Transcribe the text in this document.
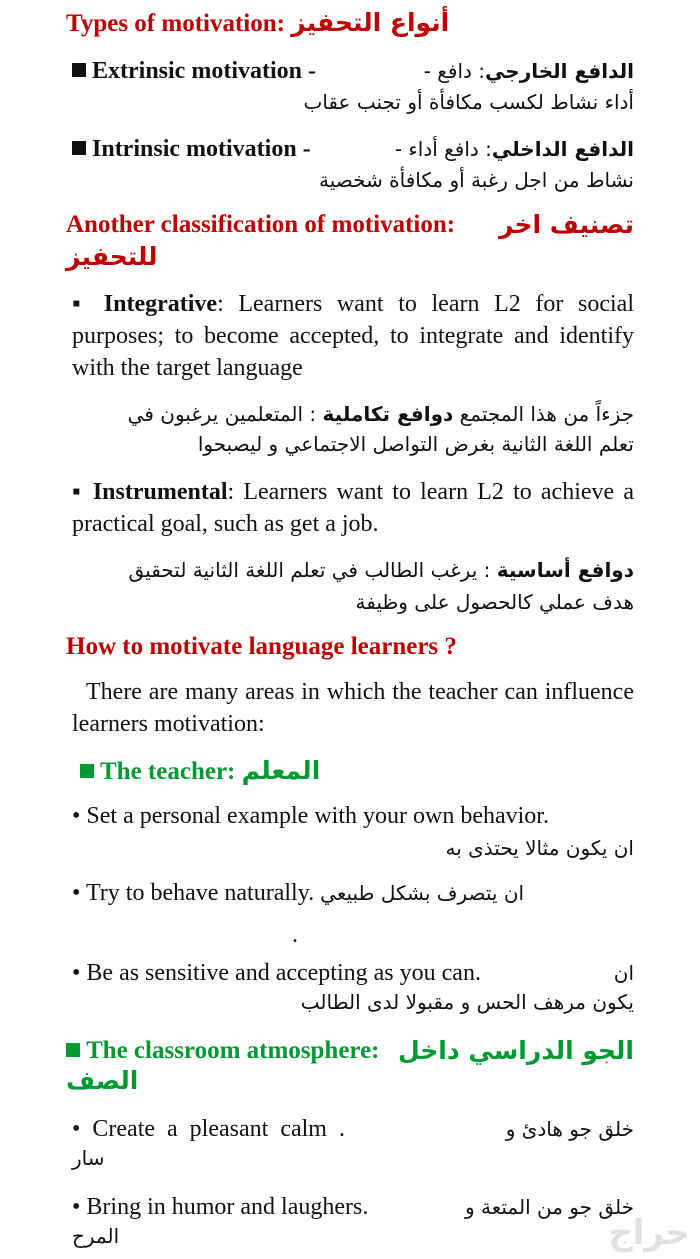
Types of motivation: أنواع التحفيز
Extrinsic motivation -	الدافع الخارجي: دافع -
أداء نشاط لكسب مكافأة أو تجنب عقاب
Intrinsic motivation -	الدافع الداخلي: دافع أداء -
نشاط من اجل رغبة أو مكافأة شخصية
Another classification of motivation: تصنيف اخر
للتحفيز
▪ Integrative: Learners want to learn L2 for social purposes; to become accepted, to integrate and identify with the target language
جزءاً من هذا المجتمع دوافع تكاملية : المتعلمين يرغبون في
تعلم اللغة الثانية بغرض التواصل الاجتماعي و ليصبحوا
▪ Instrumental: Learners want to learn L2 to achieve a practical goal, such as get a job.
دوافع أساسية : يرغب الطالب في تعلم اللغة الثانية لتحقيق
هدف عملي كالحصول على وظيفة
How to motivate language learners ?
There are many areas in which the teacher can influence learners motivation:
The teacher: المعلم
• Set a personal example with your own behavior.
ان يكون مثالا يحتذى به
• Try to behave naturally. ان يتصرف بشكل طبيعي
.
• Be as sensitive and accepting as you can.	ان
يكون مرهف الحس و مقبولا لدى الطالب
The classroom atmosphere: الجو الدراسي داخل
الصف
•  Create  a  pleasant  calm  .	خلق جو هادئ و
سار
• Bring in humor and laughers.	خلق جو من المتعة و
المرح	حراج
